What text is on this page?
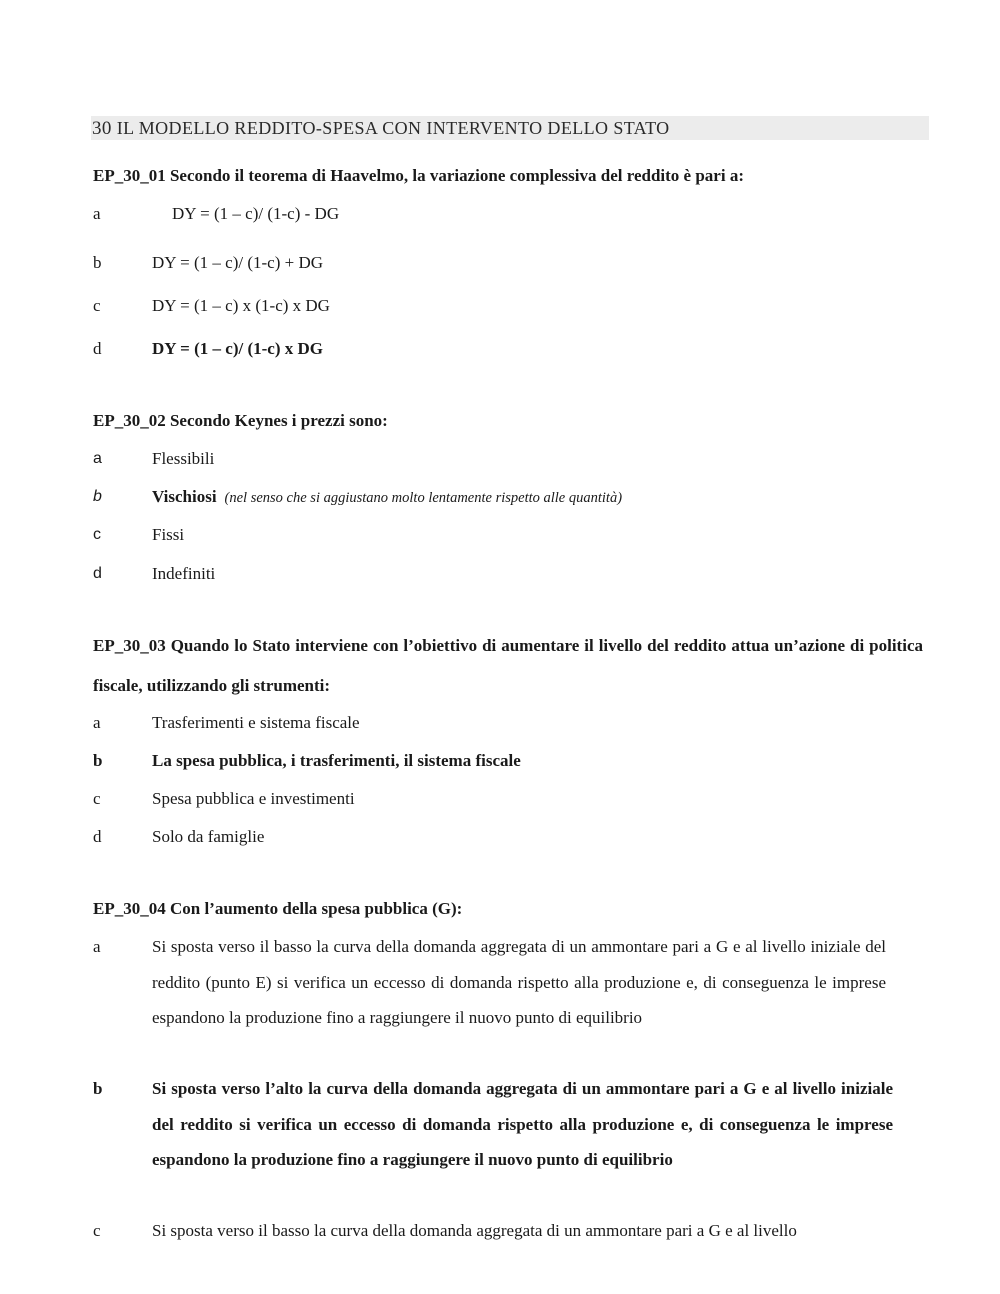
30 IL MODELLO REDDITO-SPESA CON INTERVENTO DELLO STATO
EP_30_01 Secondo il teorema di Haavelmo, la variazione complessiva del reddito è pari a:
a	DY = (1 – c)/ (1-c) - DG
b	DY = (1 – c)/ (1-c) + DG
c	DY = (1 – c) x (1-c) x DG
d	DY = (1 – c)/ (1-c) x DG
EP_30_02 Secondo Keynes i prezzi sono:
a	Flessibili
b	Vischiosi (nel senso che si aggiustano molto lentamente rispetto alle quantità)
c	Fissi
d	Indefiniti
EP_30_03 Quando lo Stato interviene con l’obiettivo di aumentare il livello del reddito attua un’azione di politica fiscale, utilizzando gli strumenti:
a	Trasferimenti e sistema fiscale
b	La spesa pubblica, i trasferimenti, il sistema fiscale
c	Spesa pubblica e investimenti
d	Solo da famiglie
EP_30_04 Con l’aumento della spesa pubblica (G):
a	Si sposta verso il basso la curva della domanda aggregata di un ammontare pari a G e al livello iniziale del reddito (punto E) si verifica un eccesso di domanda rispetto alla produzione e, di conseguenza le imprese espandono la produzione fino a raggiungere il nuovo punto di equilibrio
b	Si sposta verso l’alto la curva della domanda aggregata di un ammontare pari a G e al livello iniziale del reddito si verifica un eccesso di domanda rispetto alla produzione e, di conseguenza le imprese espandono la produzione fino a raggiungere il nuovo punto di equilibrio
c	Si sposta verso il basso la curva della domanda aggregata di un ammontare pari a G e al livello
